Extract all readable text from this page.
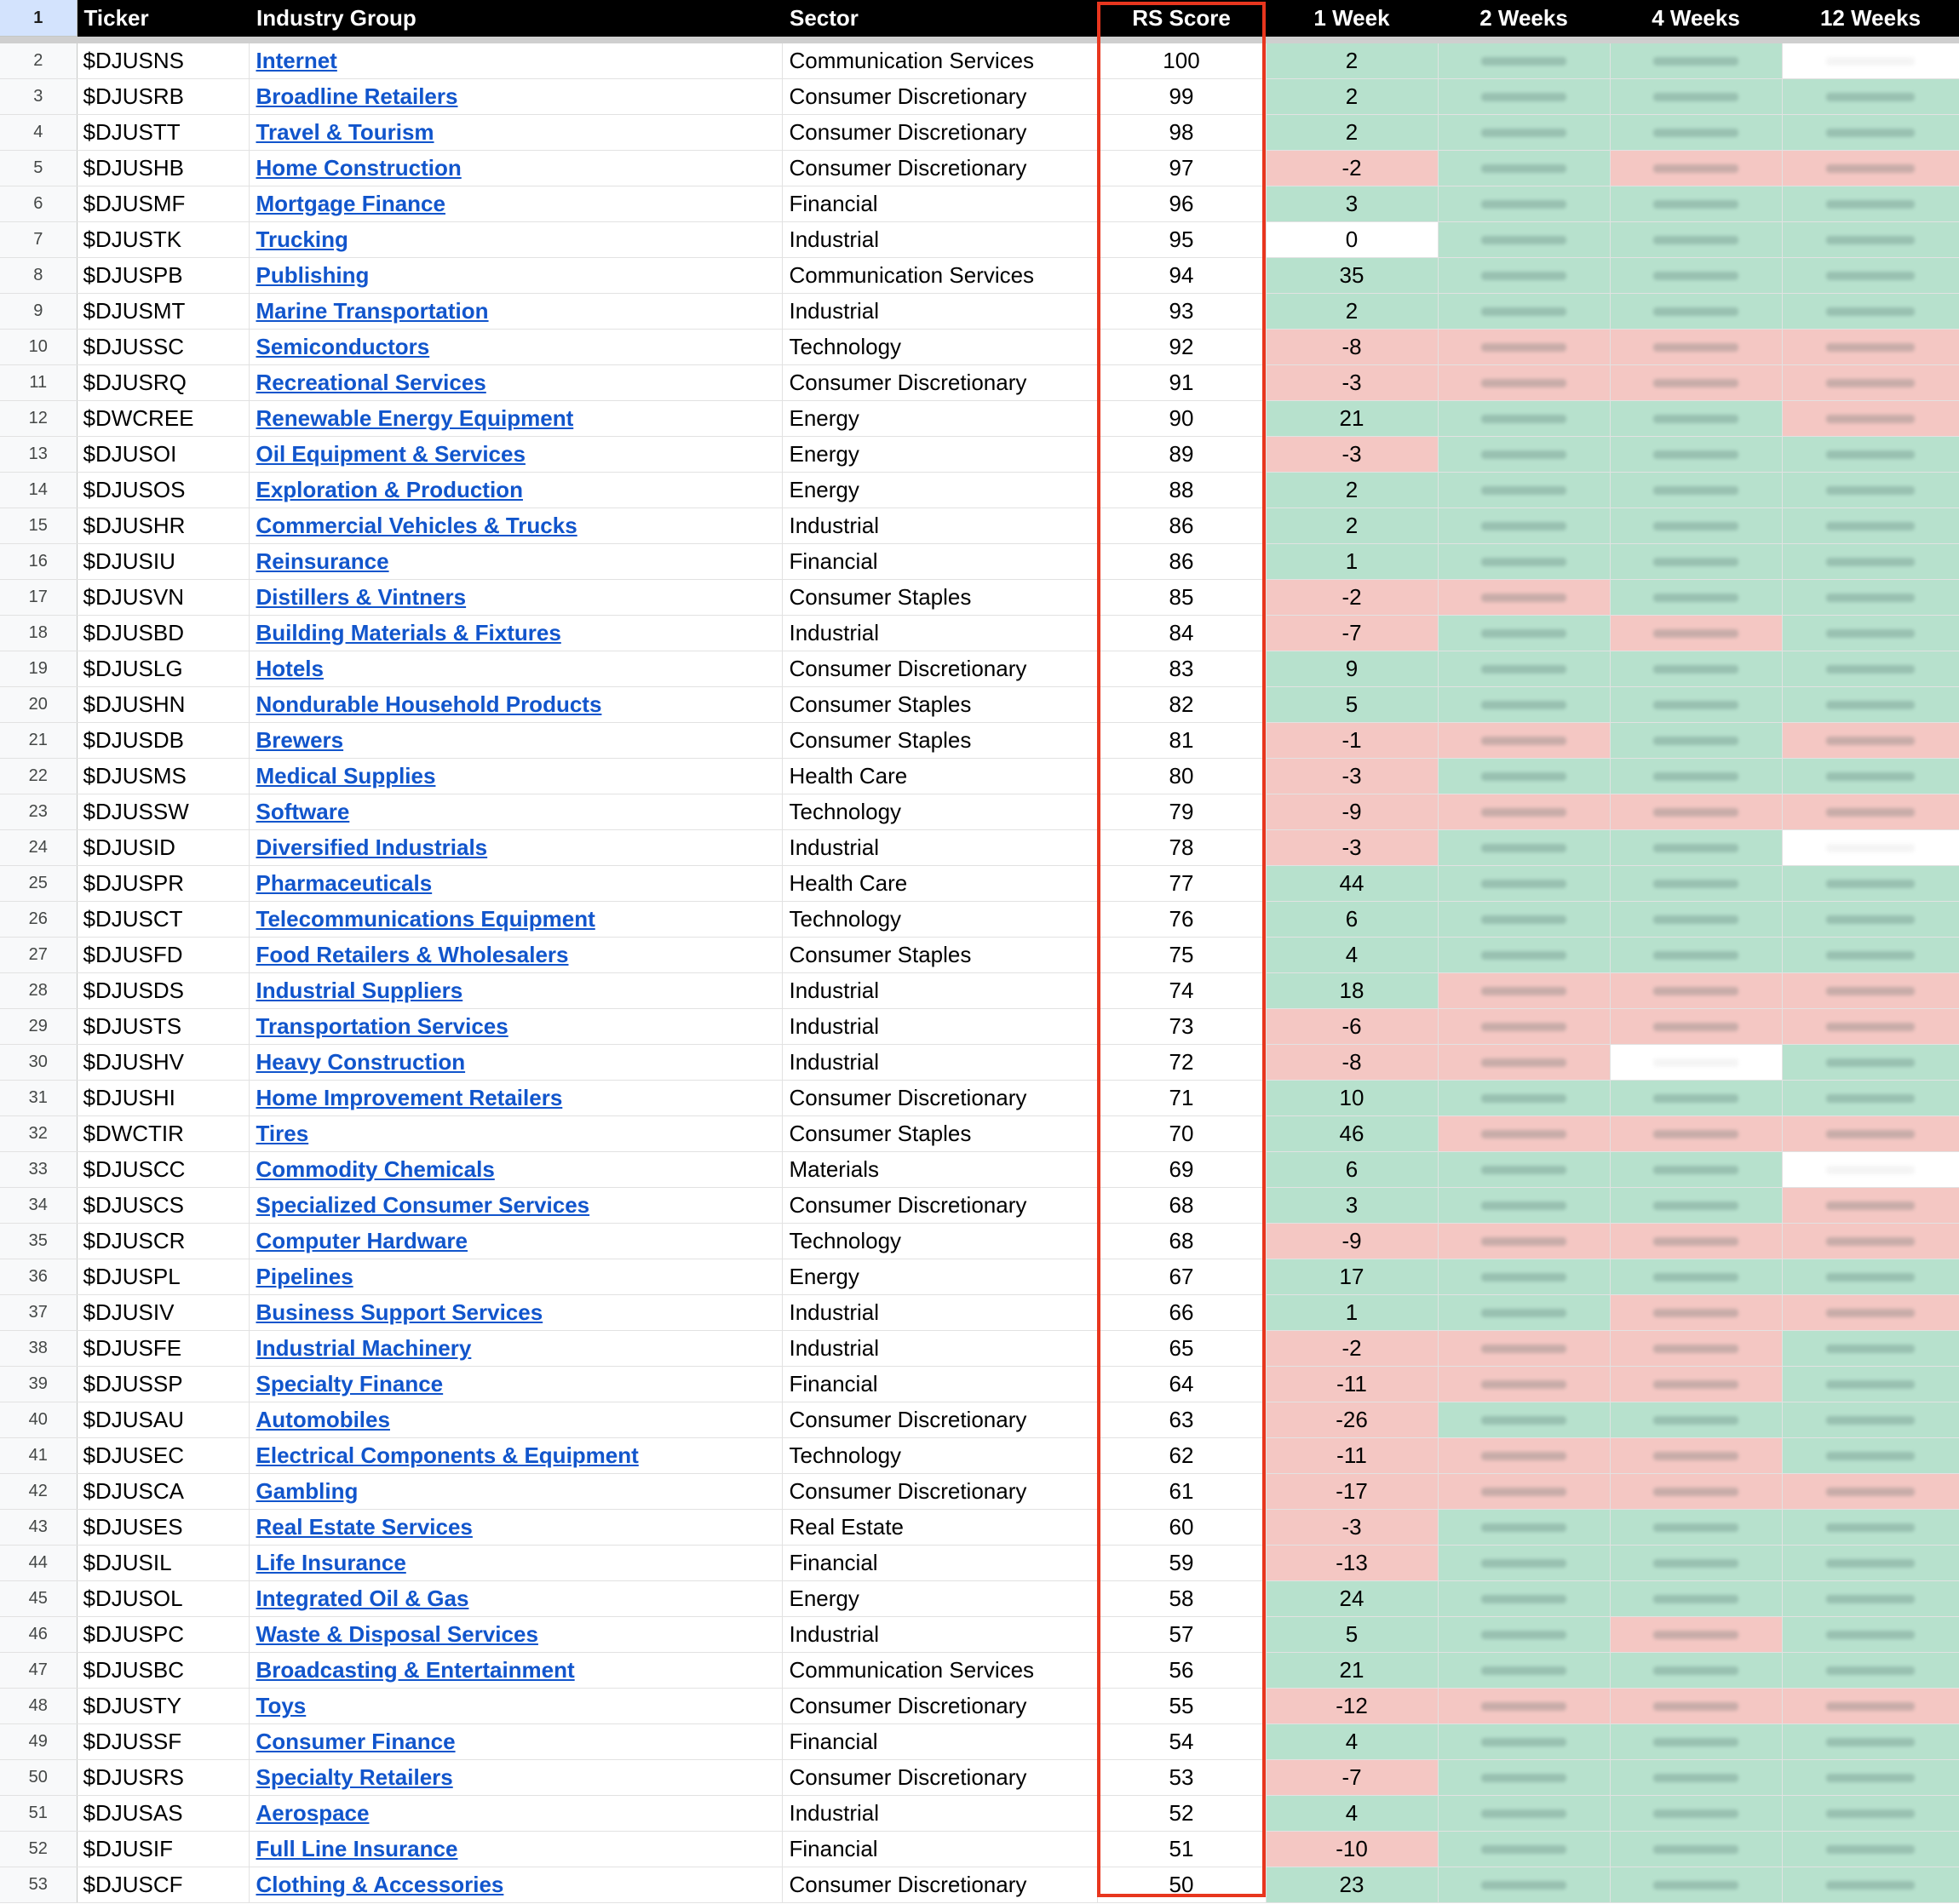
1	Ticker	Industry Group	Sector	RS Score	1 Week	2 Weeks	4 Weeks	12 Weeks

2	$DJUSNS	Internet	Communication Services	100	2	

3	$DJUSRB	Broadline Retailers	Consumer Discretionary	99	2	

4	$DJUSTT	Travel & Tourism	Consumer Discretionary	98	2	

5	$DJUSHB	Home Construction	Consumer Discretionary	97	-2	

6	$DJUSMF	Mortgage Finance	Financial	96	3	

7	$DJUSTK	Trucking	Industrial	95	0	

8	$DJUSPB	Publishing	Communication Services	94	35	

9	$DJUSMT	Marine Transportation	Industrial	93	2	

10	$DJUSSC	Semiconductors	Technology	92	-8	

11	$DJUSRQ	Recreational Services	Consumer Discretionary	91	-3	

12	$DWCREE	Renewable Energy Equipment	Energy	90	21	

13	$DJUSOI	Oil Equipment & Services	Energy	89	-3	

14	$DJUSOS	Exploration & Production	Energy	88	2	

15	$DJUSHR	Commercial Vehicles & Trucks	Industrial	86	2	

16	$DJUSIU	Reinsurance	Financial	86	1	

17	$DJUSVN	Distillers & Vintners	Consumer Staples	85	-2	

18	$DJUSBD	Building Materials & Fixtures	Industrial	84	-7	

19	$DJUSLG	Hotels	Consumer Discretionary	83	9	

20	$DJUSHN	Nondurable Household Products	Consumer Staples	82	5	

21	$DJUSDB	Brewers	Consumer Staples	81	-1	

22	$DJUSMS	Medical Supplies	Health Care	80	-3	

23	$DJUSSW	Software	Technology	79	-9	

24	$DJUSID	Diversified Industrials	Industrial	78	-3	

25	$DJUSPR	Pharmaceuticals	Health Care	77	44	

26	$DJUSCT	Telecommunications Equipment	Technology	76	6	

27	$DJUSFD	Food Retailers & Wholesalers	Consumer Staples	75	4	

28	$DJUSDS	Industrial Suppliers	Industrial	74	18	

29	$DJUSTS	Transportation Services	Industrial	73	-6	

30	$DJUSHV	Heavy Construction	Industrial	72	-8	

31	$DJUSHI	Home Improvement Retailers	Consumer Discretionary	71	10	

32	$DWCTIR	Tires	Consumer Staples	70	46	

33	$DJUSCC	Commodity Chemicals	Materials	69	6	

34	$DJUSCS	Specialized Consumer Services	Consumer Discretionary	68	3	

35	$DJUSCR	Computer Hardware	Technology	68	-9	

36	$DJUSPL	Pipelines	Energy	67	17	

37	$DJUSIV	Business Support Services	Industrial	66	1	

38	$DJUSFE	Industrial Machinery	Industrial	65	-2	

39	$DJUSSP	Specialty Finance	Financial	64	-11	

40	$DJUSAU	Automobiles	Consumer Discretionary	63	-26	

41	$DJUSEC	Electrical Components & Equipment	Technology	62	-11	

42	$DJUSCA	Gambling	Consumer Discretionary	61	-17	

43	$DJUSES	Real Estate Services	Real Estate	60	-3	

44	$DJUSIL	Life Insurance	Financial	59	-13	

45	$DJUSOL	Integrated Oil & Gas	Energy	58	24	

46	$DJUSPC	Waste & Disposal Services	Industrial	57	5	

47	$DJUSBC	Broadcasting & Entertainment	Communication Services	56	21	

48	$DJUSTY	Toys	Consumer Discretionary	55	-12	

49	$DJUSSF	Consumer Finance	Financial	54	4	

50	$DJUSRS	Specialty Retailers	Consumer Discretionary	53	-7	

51	$DJUSAS	Aerospace	Industrial	52	4	

52	$DJUSIF	Full Line Insurance	Financial	51	-10	

53	$DJUSCF	Clothing & Accessories	Consumer Discretionary	50	23	
